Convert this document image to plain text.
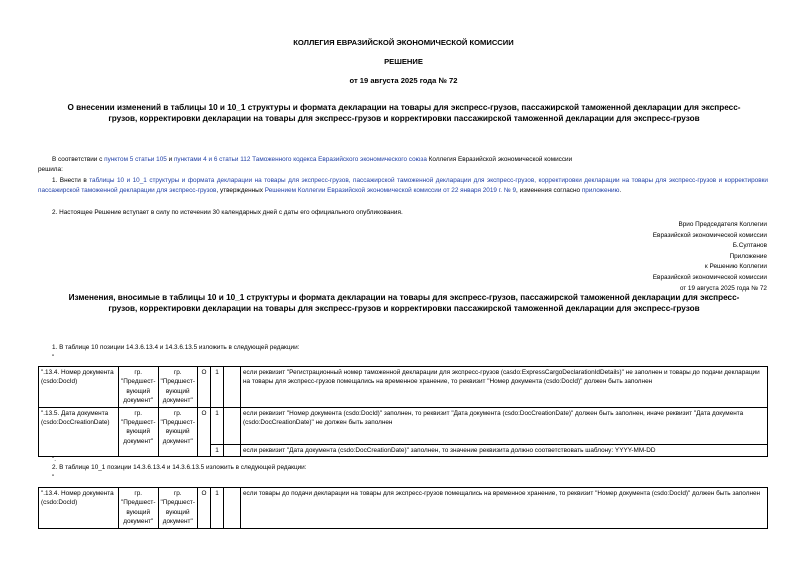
КОЛЛЕГИЯ ЕВРАЗИЙСКОЙ ЭКОНОМИЧЕСКОЙ КОМИССИИ
РЕШЕНИЕ
от 19 августа 2025 года № 72
О внесении изменений в таблицы 10 и 10_1 структуры и формата декларации на товары для экспресс-грузов, пассажирской таможенной декларации для экспресс-
грузов, корректировки декларации на товары для экспресс-грузов и корректировки пассажирской таможенной декларации для экспресс-грузов
В соответствии с пунктом 5 статьи 105 и пунктами 4 и 6 статьи 112 Таможенного кодекса Евразийского экономического союза Коллегия Евразийской экономической комиссии
решила:
1. Внести в таблицы 10 и 10_1 структуры и формата декларации на товары для экспресс-грузов, пассажирской таможенной декларации для экспресс-грузов, корректировки декларации на товары для экспресс-грузов и корректировки пассажирской таможенной декларации для экспресс-грузов, утвержденных Решением Коллегии Евразийской экономической комиссии от 22 января 2019 г. № 9, изменения согласно приложению.
2. Настоящее Решение вступает в силу по истечении 30 календарных дней с даты его официального опубликования.
Врио Председателя Коллегии
Евразийской экономической комиссии
Б.Султанов
Приложение
к Решению Коллегии
Евразийской экономической комиссии
от 19 августа 2025 года № 72
Изменения, вносимые в таблицы 10 и 10_1 структуры и формата декларации на товары для экспресс-грузов, пассажирской таможенной декларации для экспресс-
грузов, корректировки декларации на товары для экспресс-грузов и корректировки пассажирской таможенной декларации для экспресс-грузов
1. В таблице 10 позиции 14.3.6.13.4 и 14.3.6.13.5 изложить в следующей редакции:
"
".13.4. Номер документа (csdo:DocId)	гр. "Предшест-вующий документ"	гр. "Предшест-вующий документ"	О	1		если реквизит "Регистрационный номер таможенной декларации для экспресс-грузов (casdo:ExpressCargoDeclarationIdDetails)" не заполнен и товары до подачи декларации на товары для экспресс-грузов помещались на временное хранение, то реквизит "Номер документа (csdo:DocId)" должен быть заполнен
".13.5. Дата документа (csdo:DocCreationDate)	гр. "Предшест-вующий документ"	гр. "Предшест-вующий документ"	О	1		если реквизит "Номер документа (csdo:DocId)" заполнен, то реквизит "Дата документа (csdo:DocCreationDate)" должен быть заполнен, иначе реквизит "Дата документа (csdo:DocCreationDate)" не должен быть заполнен
				1		если реквизит "Дата документа (csdo:DocCreationDate)" заполнен, то значение реквизита должно соответствовать шаблону: YYYY-MM-DD
".
2. В таблице 10_1 позиции 14.3.6.13.4 и 14.3.6.13.5 изложить в следующей редакции:
"
".13.4. Номер документа (csdo:DocId)	гр. "Предшест-вующий документ"	гр. "Предшест-вующий документ"	О	1		если товары до подачи декларации на товары для экспресс-грузов помещались на временное хранение, то реквизит "Номер документа (csdo:DocId)" должен быть заполнен
